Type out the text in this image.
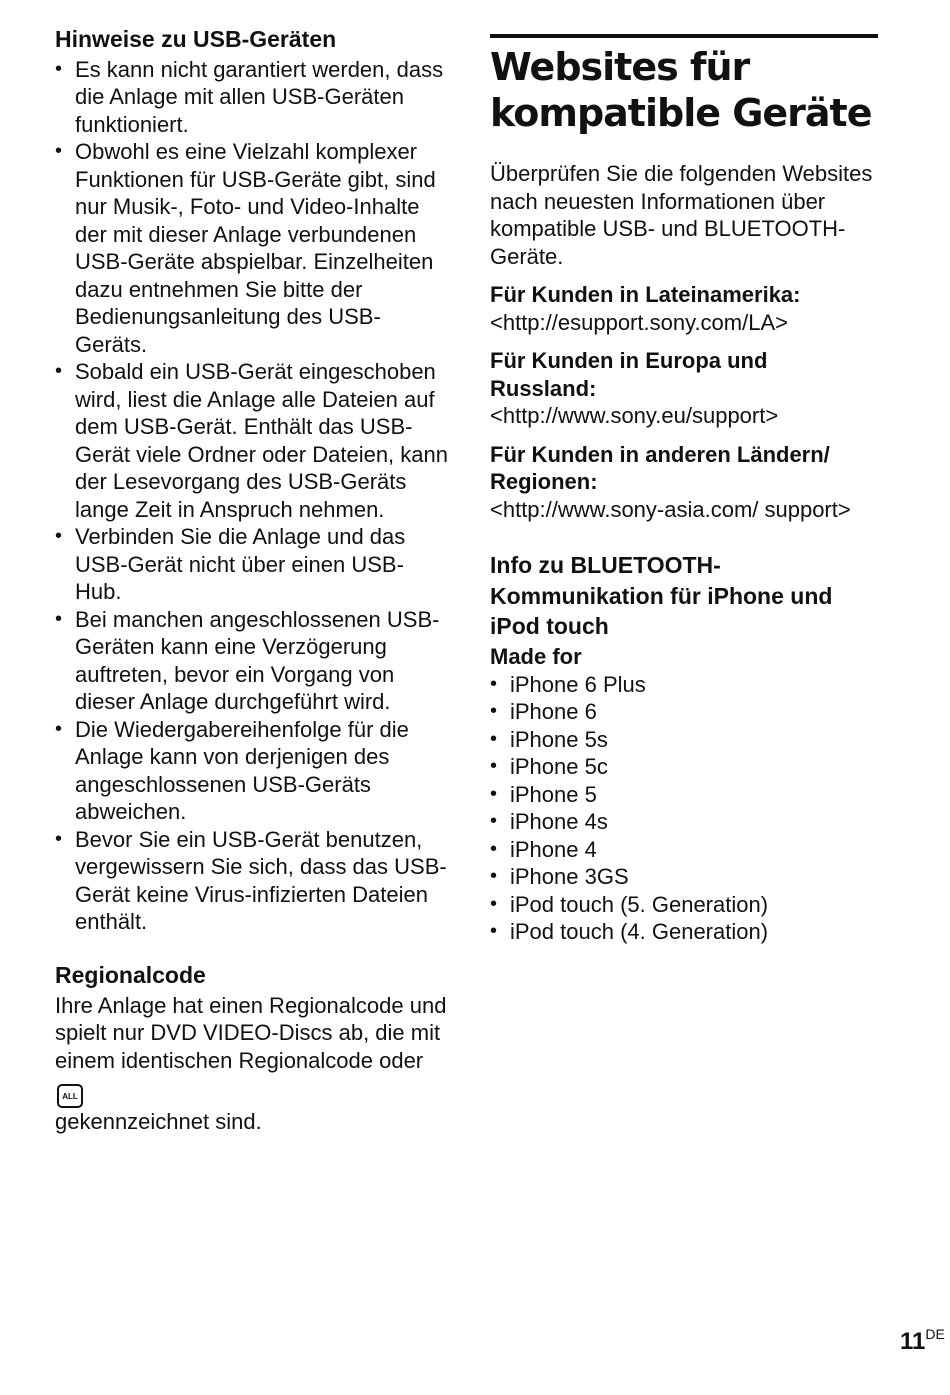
Hinweise zu USB-Geräten
• Es kann nicht garantiert werden, dass die Anlage mit allen USB-Geräten funktioniert.
• Obwohl es eine Vielzahl komplexer Funktionen für USB-Geräte gibt, sind nur Musik-, Foto- und Video-Inhalte der mit dieser Anlage verbundenen USB-Geräte abspielbar. Einzelheiten dazu entnehmen Sie bitte der Bedienungsanleitung des USB-Geräts.
• Sobald ein USB-Gerät eingeschoben wird, liest die Anlage alle Dateien auf dem USB-Gerät. Enthält das USB-Gerät viele Ordner oder Dateien, kann der Lesevorgang des USB-Geräts lange Zeit in Anspruch nehmen.
• Verbinden Sie die Anlage und das USB-Gerät nicht über einen USB-Hub.
• Bei manchen angeschlossenen USB-Geräten kann eine Verzögerung auftreten, bevor ein Vorgang von dieser Anlage durchgeführt wird.
• Die Wiedergabereihenfolge für die Anlage kann von derjenigen des angeschlossenen USB-Geräts abweichen.
• Bevor Sie ein USB-Gerät benutzen, vergewissern Sie sich, dass das USB-Gerät keine Virus-infizierten Dateien enthält.
Regionalcode

Ihre Anlage hat einen Regionalcode und spielt nur DVD VIDEO-Discs ab, die mit einem identischen Regionalcode oder ALL
gekennzeichnet sind.

Websites für
kompatible Geräte

Überprüfen Sie die folgenden Websites nach neuesten Informationen über kompatible USB- und BLUETOOTH-Geräte.

Für Kunden in Lateinamerika:
<http://esupport.sony.com/LA>
Für Kunden in Europa und Russland:
<http://www.sony.eu/support>
Für Kunden in anderen Ländern/ Regionen:
<http://www.sony-asia.com/ support>
Info zu BLUETOOTH-Kommunikation für iPhone und iPod touch
Made for
• iPhone 6 Plus
• iPhone 6
• iPhone 5s
• iPhone 5c
• iPhone 5
• iPhone 4s
• iPhone 4
• iPhone 3GS
• iPod touch (5. Generation)
• iPod touch (4. Generation)
11DE
